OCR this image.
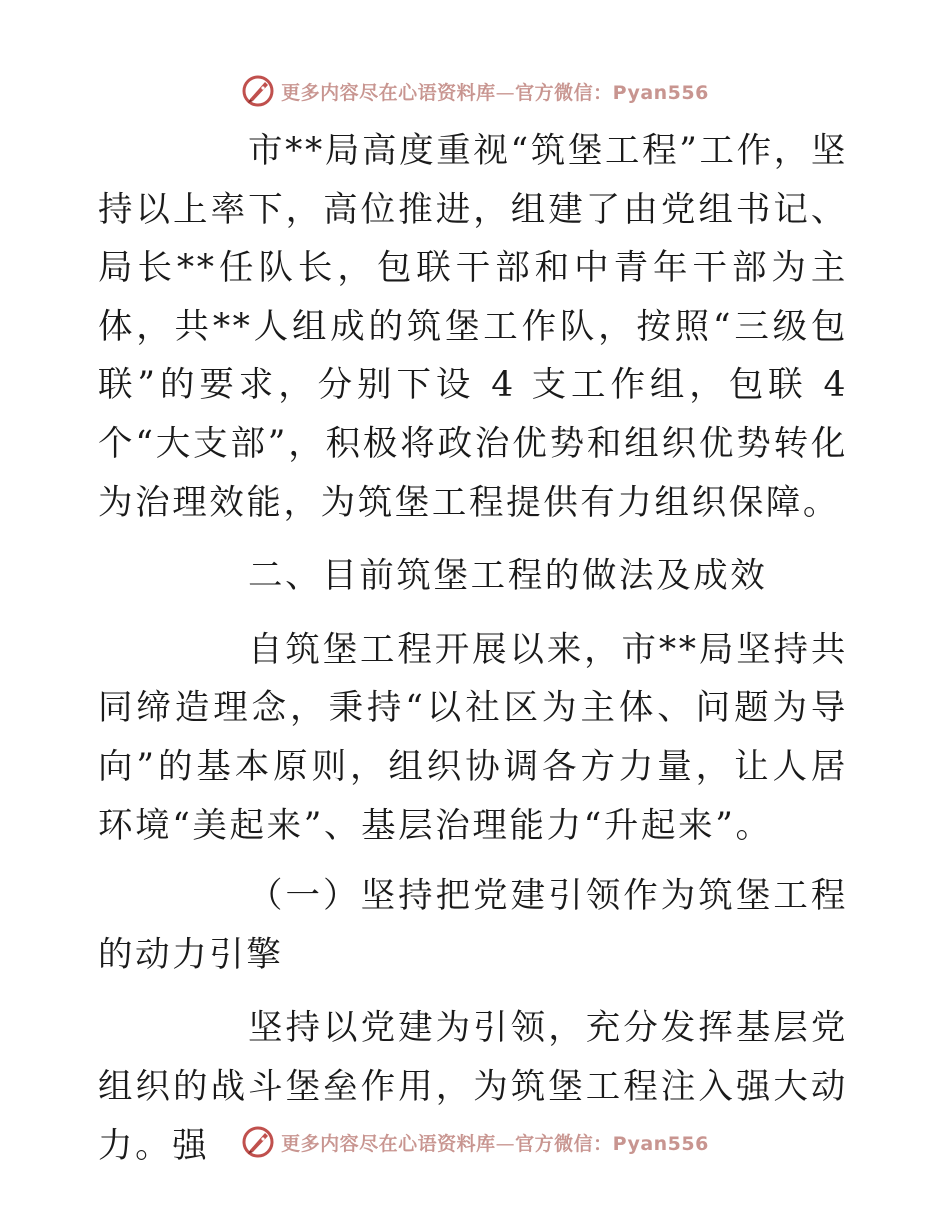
更多内容尽在心语资料库—官方微信：Pyan556

市**局高度重视“筑堡工程”工作，坚持以上率下，高位推进，组建了由党组书记、局长**任队长，包联干部和中青年干部为主体，共**人组成的筑堡工作队，按照“三级包联”的要求，分别下设 4 支工作组，包联 4 个“大支部”，积极将政治优势和组织优势转化为治理效能，为筑堡工程提供有力组织保障。

二、目前筑堡工程的做法及成效

自筑堡工程开展以来，市**局坚持共同缔造理念，秉持“以社区为主体、问题为导向”的基本原则，组织协调各方力量，让人居环境“美起来”、基层治理能力“升起来”。

（一）坚持把党建引领作为筑堡工程的动力引擎

坚持以党建为引领，充分发挥基层党组织的战斗堡垒作用，为筑堡工程注入强大动力。强	更多内容尽在心语资料库—官方微信：Pyan556
